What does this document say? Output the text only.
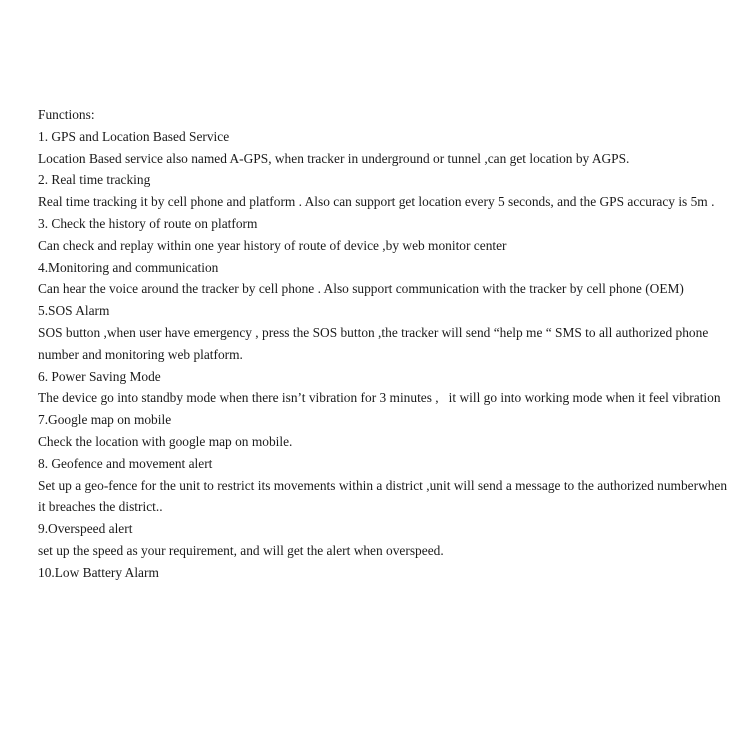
Functions:
1. GPS and Location Based Service
Location Based service also named A-GPS, when tracker in underground or tunnel ,can get location by AGPS.
2. Real time tracking
Real time tracking it by cell phone and platform . Also can support get location every 5 seconds, and the GPS accuracy is 5m .
3. Check the history of route on platform
Can check and replay within one year history of route of device ,by web monitor center
4.Monitoring and communication
Can hear the voice around the tracker by cell phone . Also support communication with the tracker by cell phone (OEM)
5.SOS Alarm
SOS button ,when user have emergency , press the SOS button ,the tracker will send “help me “ SMS to all authorized phone number and monitoring web platform.
6. Power Saving Mode
The device go into standby mode when there isn’t vibration for 3 minutes ,   it will go into working mode when it feel vibration
7.Google map on mobile
Check the location with google map on mobile.
8. Geofence and movement alert
Set up a geo-fence for the unit to restrict its movements within a district ,unit will send a message to the authorized numberwhen it breaches the district..
9.Overspeed alert
set up the speed as your requirement, and will get the alert when overspeed.
10.Low Battery Alarm
